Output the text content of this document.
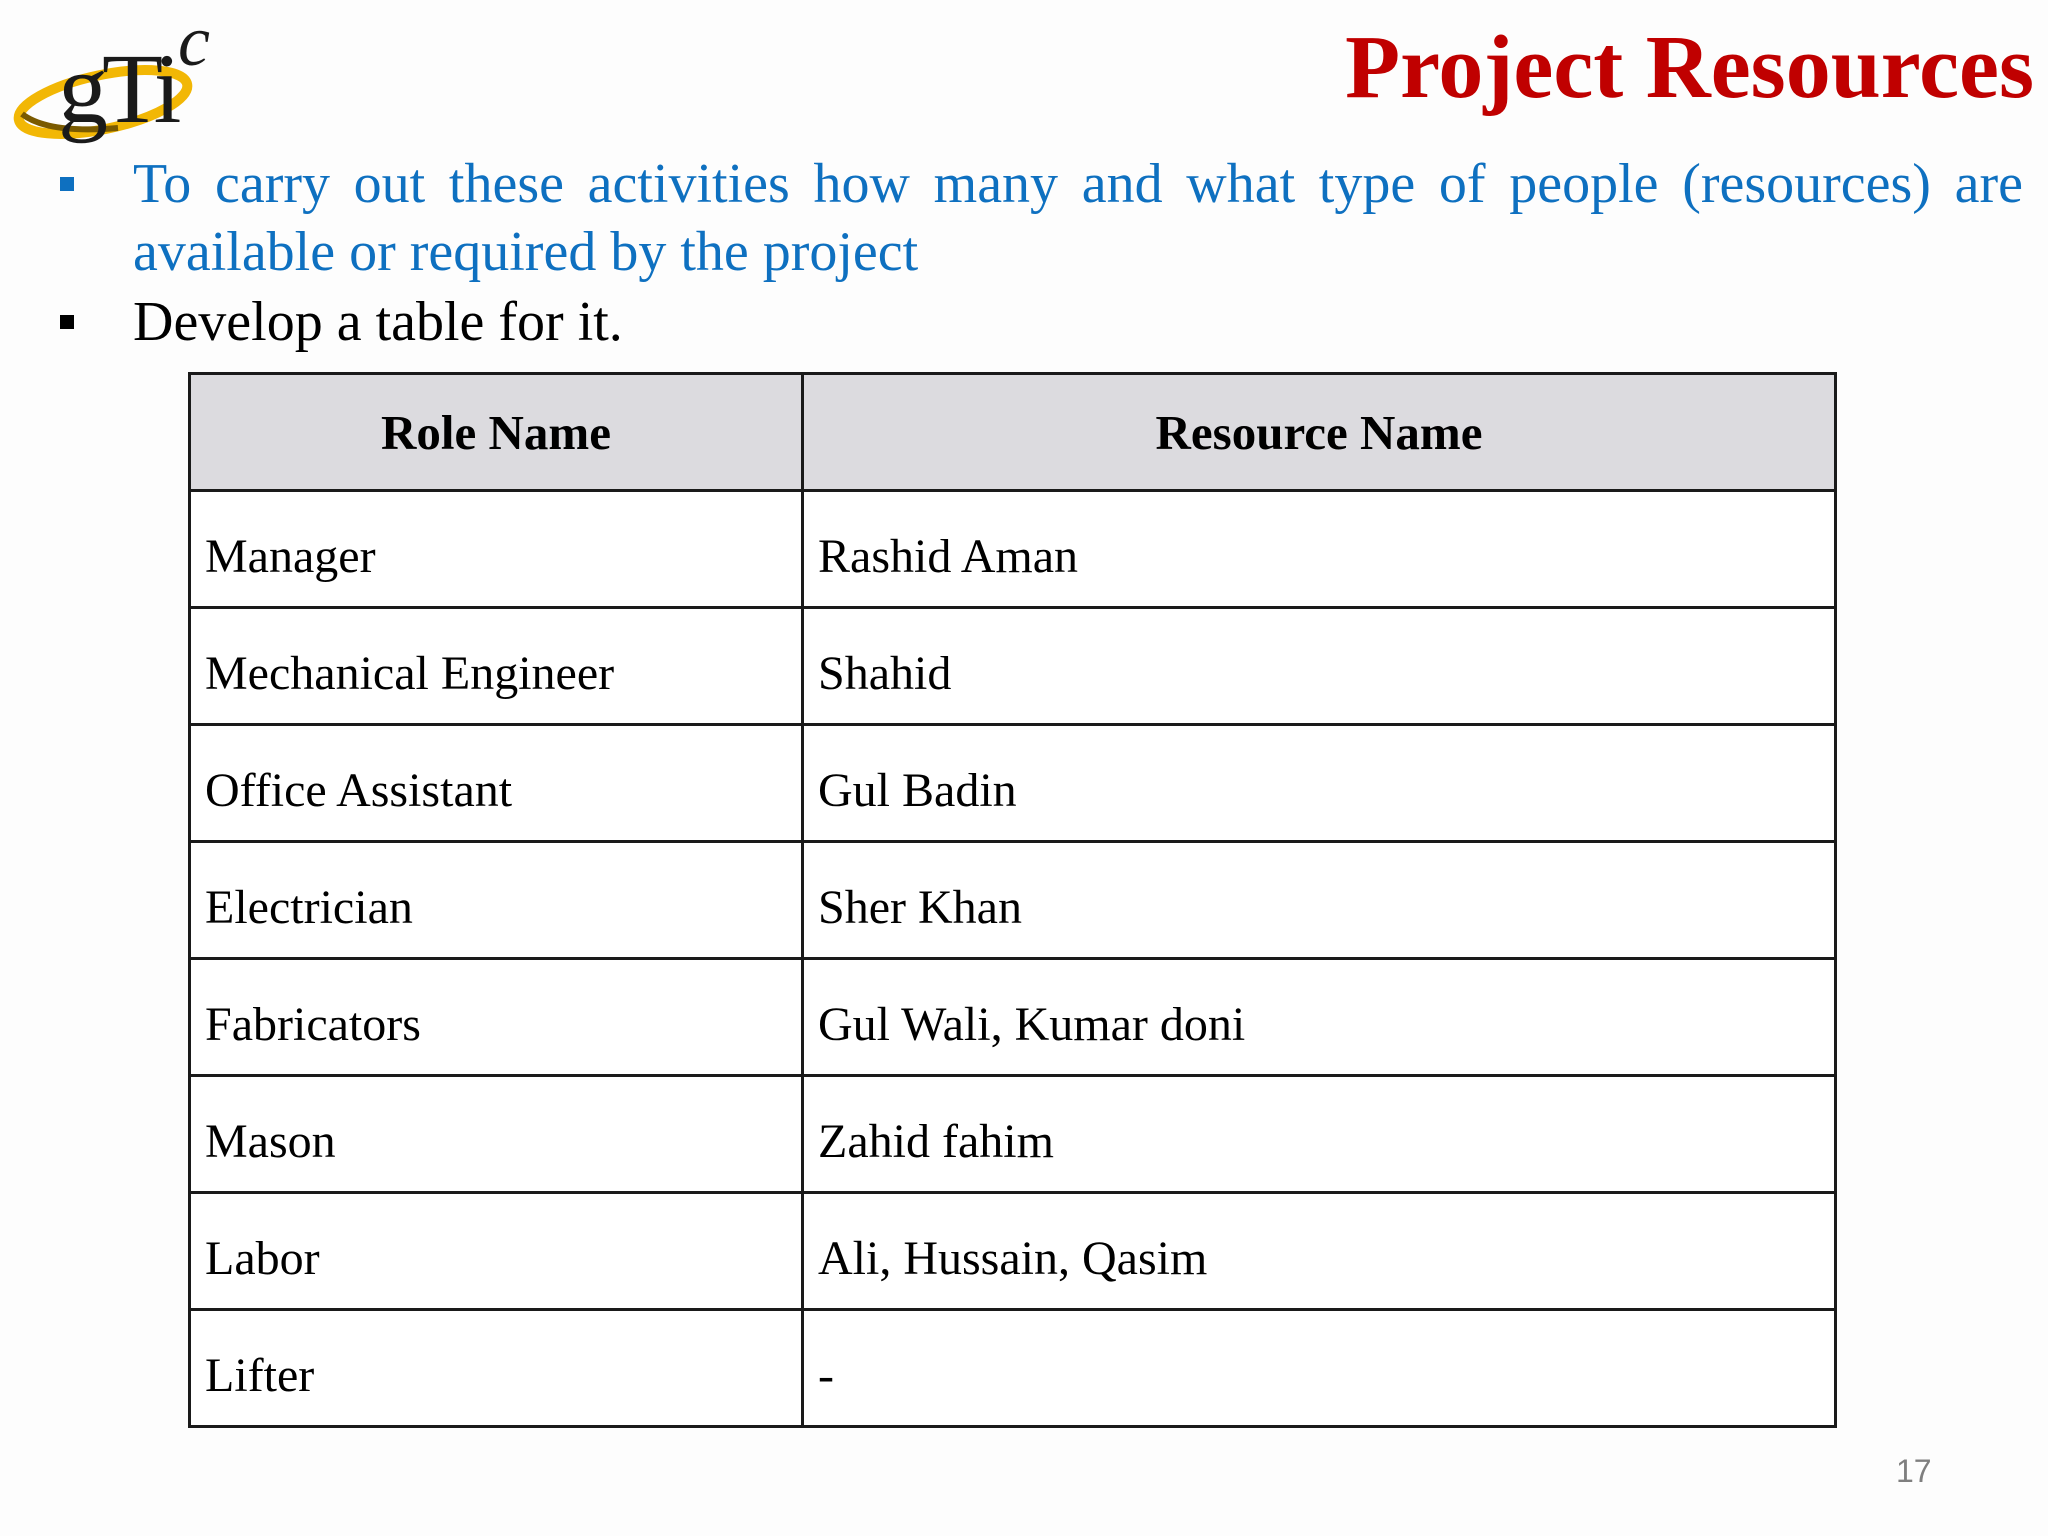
gTi c	Project Resources
To carry out these activities how many and what type of people (resources) are
available or required by the project
Develop a table for it.
Role Name	Resource Name
Manager	Rashid Aman
Mechanical Engineer	Shahid
Office Assistant	Gul Badin
Electrician	Sher Khan
Fabricators	Gul Wali, Kumar doni
Mason	Zahid fahim
Labor	Ali, Hussain, Qasim
Lifter	-
17
